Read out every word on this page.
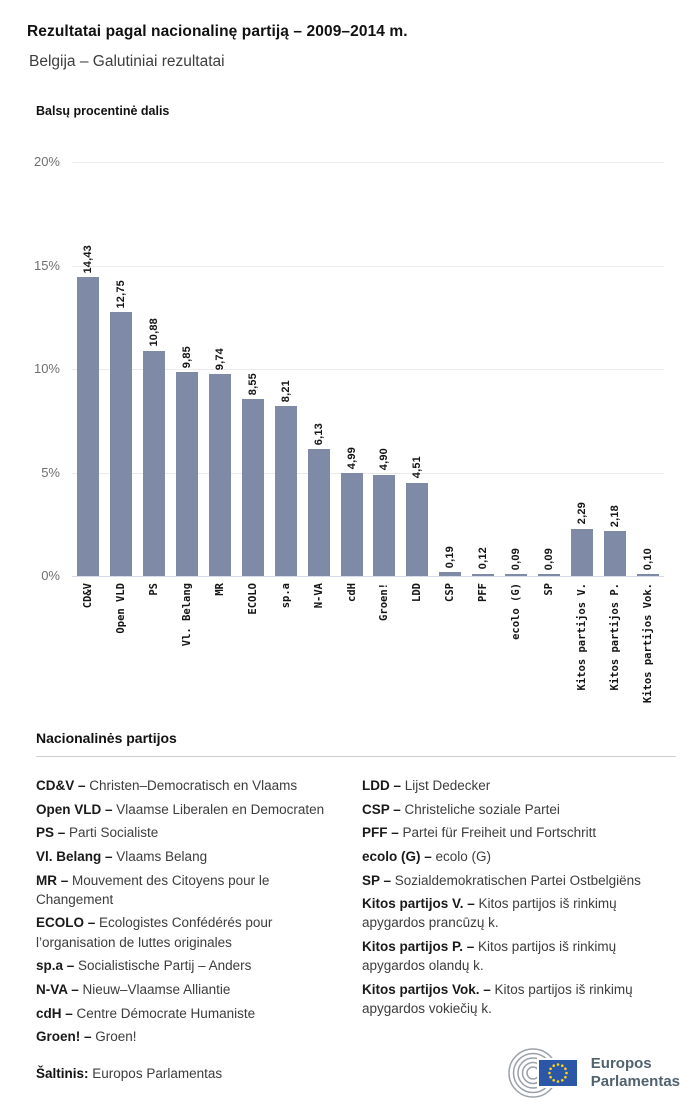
Rezultatai pagal nacionalinę partiją – 2009–2014 m.
Belgija – Galutiniai rezultatai
Balsų procentinė dalis
20%
15%
10%
5%
0%
14,43
12,75
10,88
9,85 9,74
8,55 8,21
6,13
4,99 4,90 4,51
0,19 0,12 0,09 0,09
2,29 2,18
0,10
CD&V Open VLD PS Vl. Belang MR ECOLO sp.a N-VA cdH Groen! LDD CSP PFF ecolo (G) SP Kitos partijos V. Kitos partijos P. Kitos partijos Vok.
Nacionalinės partijos
CD&V – Christen–Democratisch en Vlaams
Open VLD – Vlaamse Liberalen en Democraten
PS – Parti Socialiste
Vl. Belang – Vlaams Belang
MR – Mouvement des Citoyens pour le Changement
ECOLO – Ecologistes Confédérés pour l’organisation de luttes originales
sp.a – Socialistische Partij – Anders
N-VA – Nieuw–Vlaamse Alliantie
cdH – Centre Démocrate Humaniste
Groen! – Groen!
LDD – Lijst Dedecker
CSP – Christeliche soziale Partei
PFF – Partei für Freiheit und Fortschritt
ecolo (G) – ecolo (G)
SP – Sozialdemokratischen Partei Ostbelgiëns
Kitos partijos V. – Kitos partijos iš rinkimų apygardos prancūzų k.
Kitos partijos P. – Kitos partijos iš rinkimų apygardos olandų k.
Kitos partijos Vok. – Kitos partijos iš rinkimų apygardos vokiečių k.
Šaltinis: Europos Parlamentas
Europos
Parlamentas
